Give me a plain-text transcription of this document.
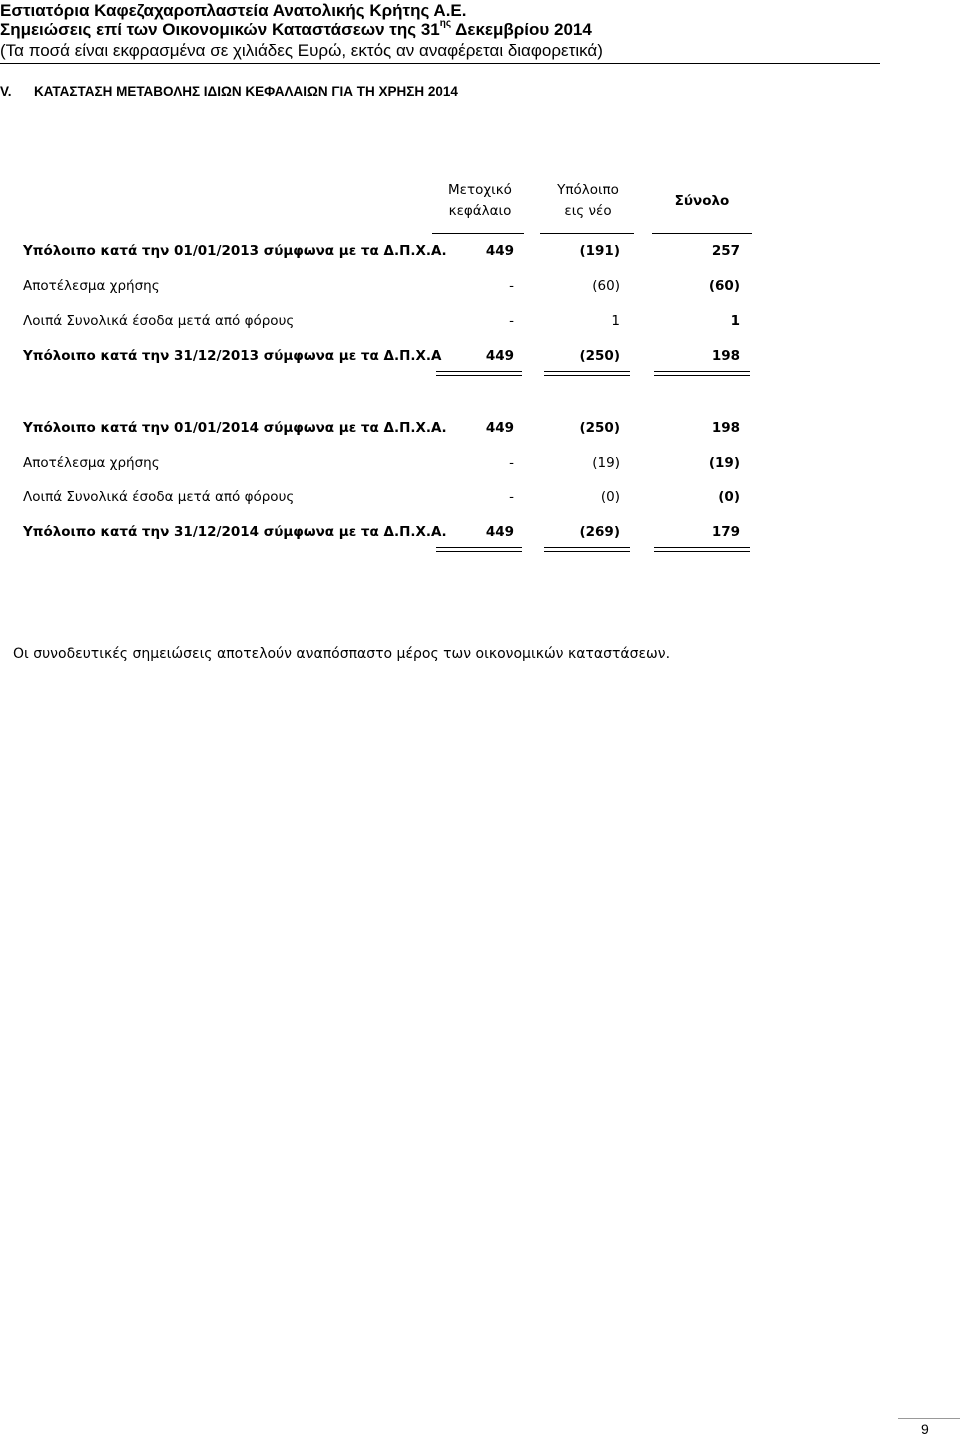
Εστιατόρια Καφεζαχαροπλαστεία Ανατολικής Κρήτης Α.Ε.
Σημειώσεις επί των Οικονομικών Καταστάσεων της $31^{\eta\varsigma}$ Δεκεμβρίου 2014
(Τα ποσά είναι εκφρασμένα σε χιλιάδες Ευρώ, εκτός αν αναφέρεται διαφορετικά)
V. ΚΑΤΑΣΤΑΣΗ ΜΕΤΑΒΟΛΗΣ ΙΔΙΩΝ ΚΕΦΑΛΑΙΩΝ ΓΙΑ ΤΗ ΧΡΗΣΗ 2014
Μετοχικό
κεφάλαιο
Υπόλοιπο
εις νέο
Σύνολο
Υπόλοιπο κατά την 01/01/2013 σύμφωνα με τα Δ.Π.Χ.Α.	449	(191)	257
Αποτέλεσμα χρήσης	-	(60)	(60)
Λοιπά Συνολικά έσοδα μετά από φόρους	-	1	1
Υπόλοιπο κατά την 31/12/2013 σύμφωνα με τα Δ.Π.Χ.Α	449	(250)	198
Υπόλοιπο κατά την 01/01/2014 σύμφωνα με τα Δ.Π.Χ.Α.	449	(250)	198
Αποτέλεσμα χρήσης	-	(19)	(19)
Λοιπά Συνολικά έσοδα μετά από φόρους	-	(0)	(0)
Υπόλοιπο κατά την 31/12/2014 σύμφωνα με τα Δ.Π.Χ.Α.	449	(269)	179
Οι συνοδευτικές σημειώσεις αποτελούν αναπόσπαστο μέρος των οικονομικών καταστάσεων.
9
